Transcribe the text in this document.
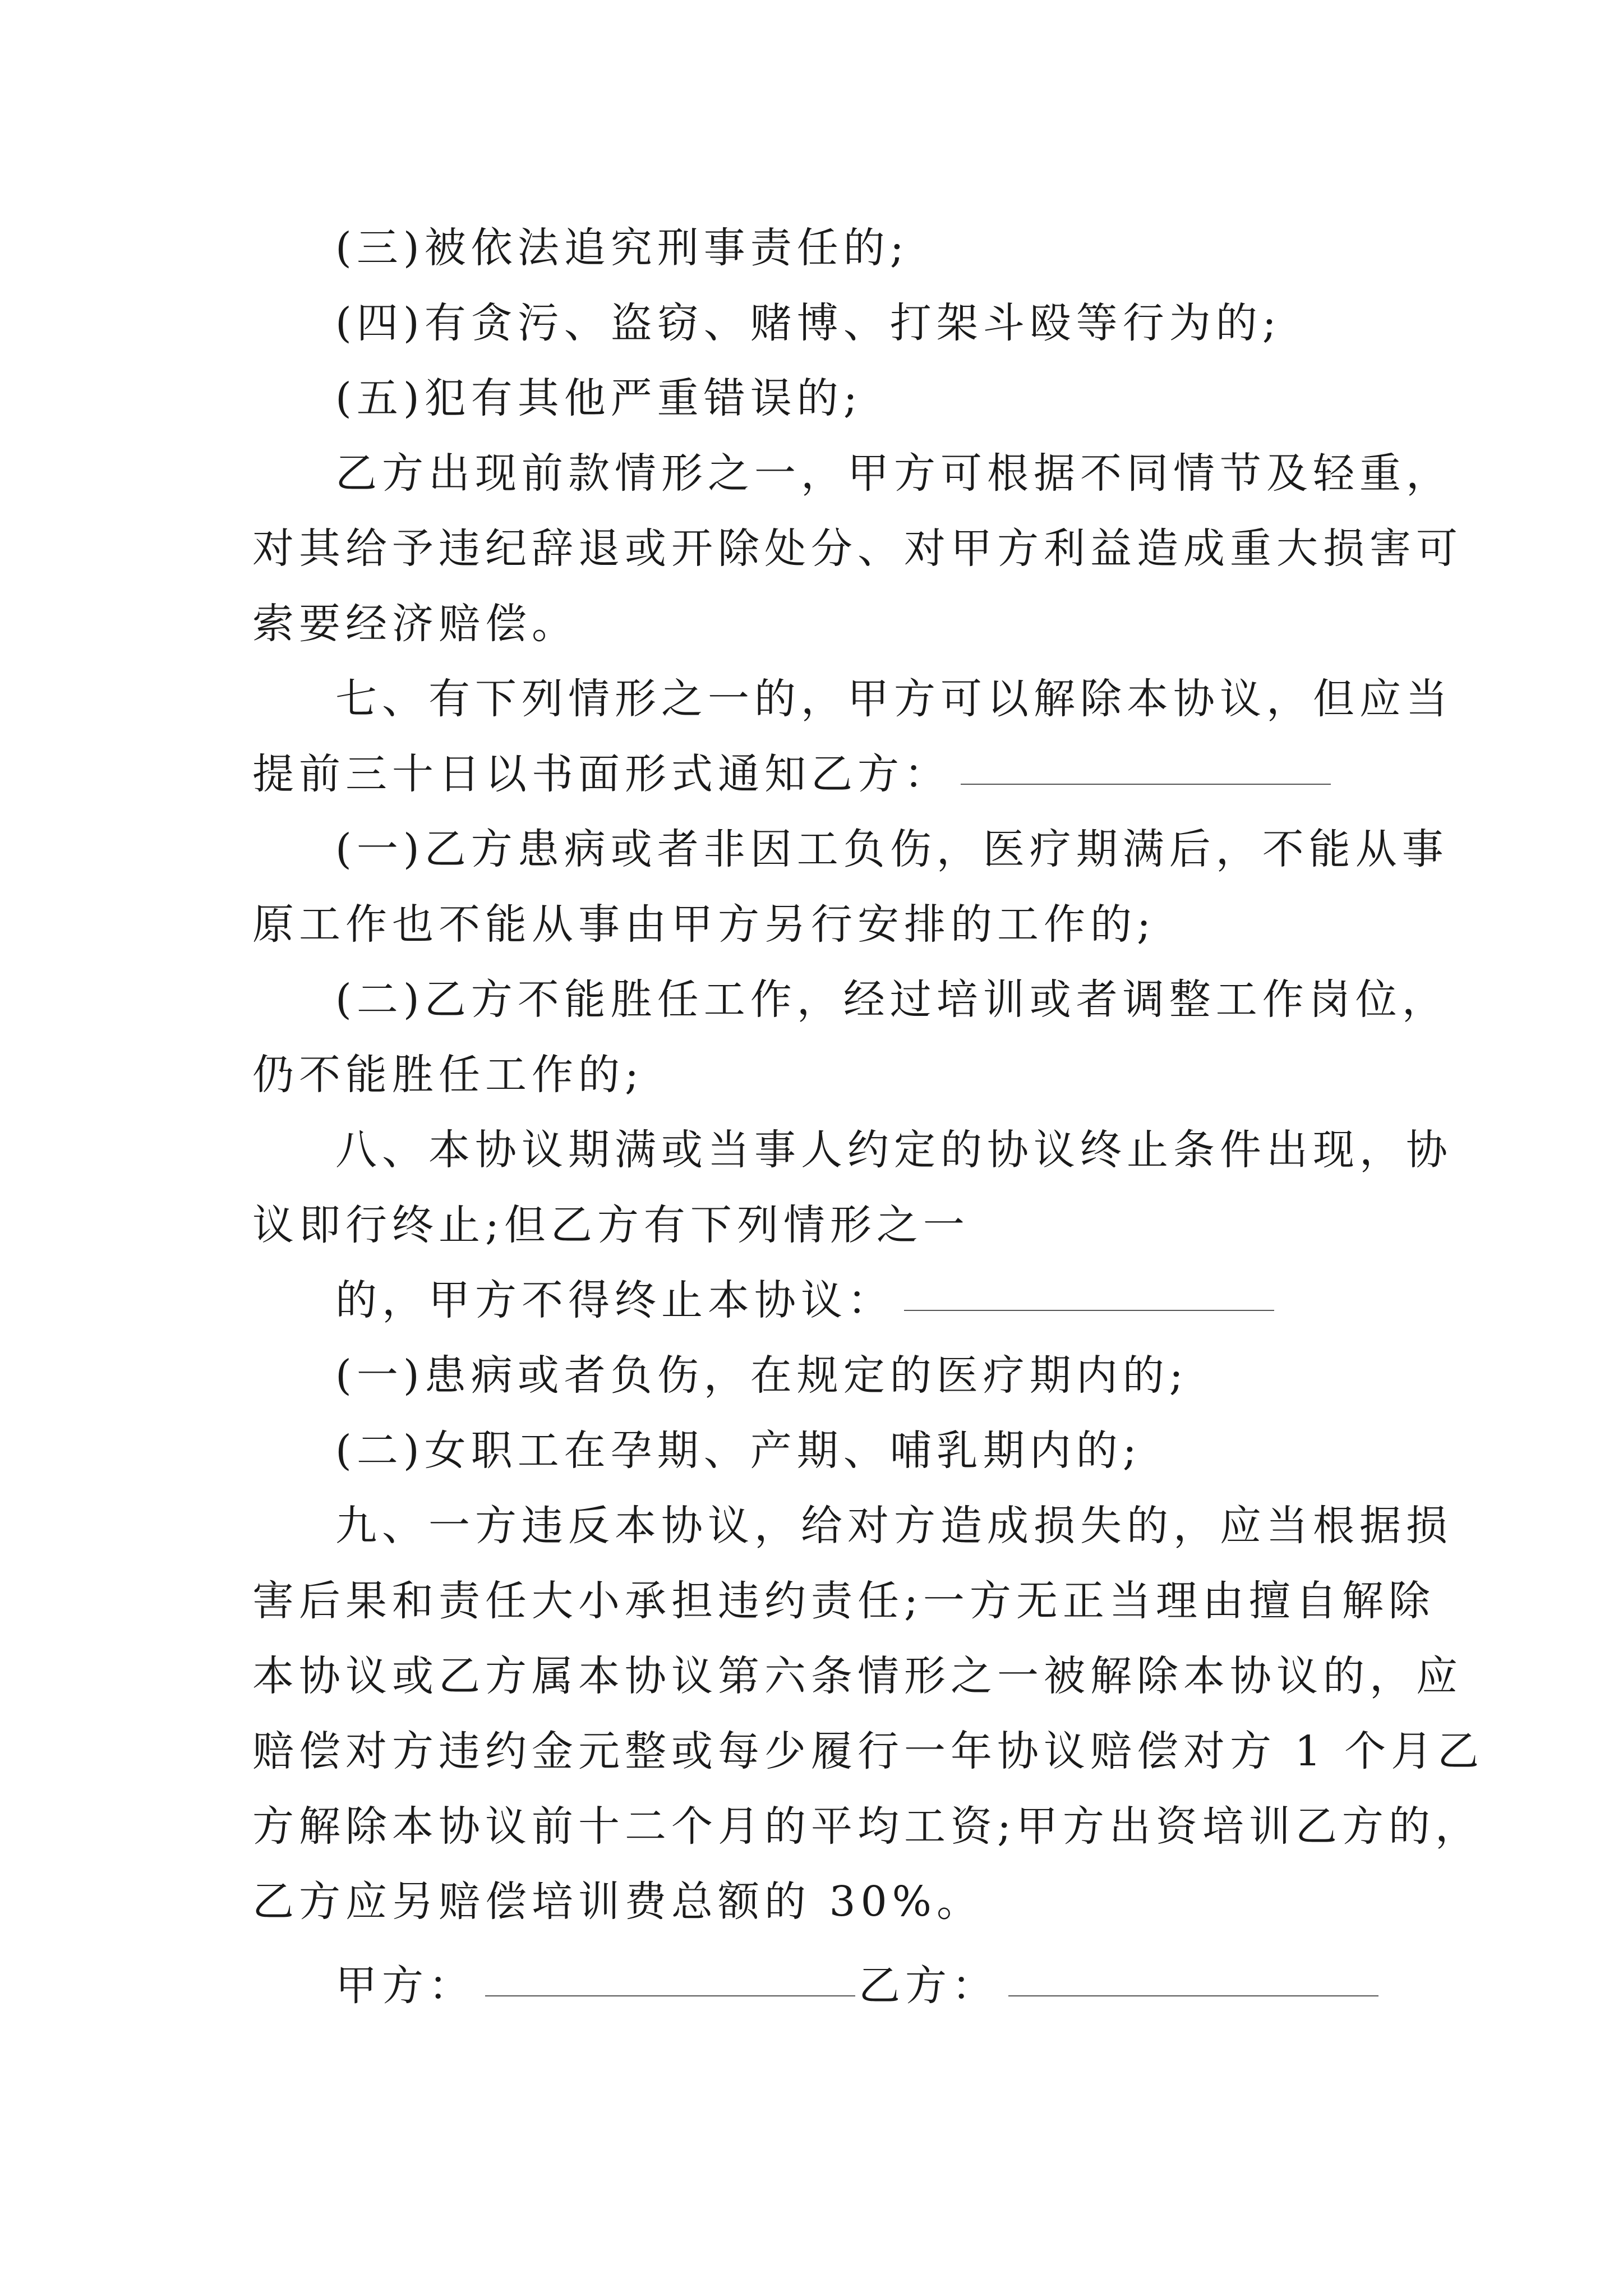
(三)被依法追究刑事责任的;
(四)有贪污、盗窃、赌博、打架斗殴等行为的;
(五)犯有其他严重错误的;
乙方出现前款情形之一，甲方可根据不同情节及轻重，
对其给予违纪辞退或开除处分、对甲方利益造成重大损害可
索要经济赔偿。
七、有下列情形之一的，甲方可以解除本协议，但应当
提前三十日以书面形式通知乙方：
(一)乙方患病或者非因工负伤，医疗期满后，不能从事
原工作也不能从事由甲方另行安排的工作的;
(二)乙方不能胜任工作，经过培训或者调整工作岗位，
仍不能胜任工作的;
八、本协议期满或当事人约定的协议终止条件出现，协
议即行终止;但乙方有下列情形之一
的，甲方不得终止本协议：
(一)患病或者负伤，在规定的医疗期内的;
(二)女职工在孕期、产期、哺乳期内的;
九、一方违反本协议，给对方造成损失的，应当根据损
害后果和责任大小承担违约责任;一方无正当理由擅自解除
本协议或乙方属本协议第六条情形之一被解除本协议的，应
赔偿对方违约金元整或每少履行一年协议赔偿对方 1 个月乙
方解除本协议前十二个月的平均工资;甲方出资培训乙方的，
乙方应另赔偿培训费总额的 30%。
甲方：	乙方：
